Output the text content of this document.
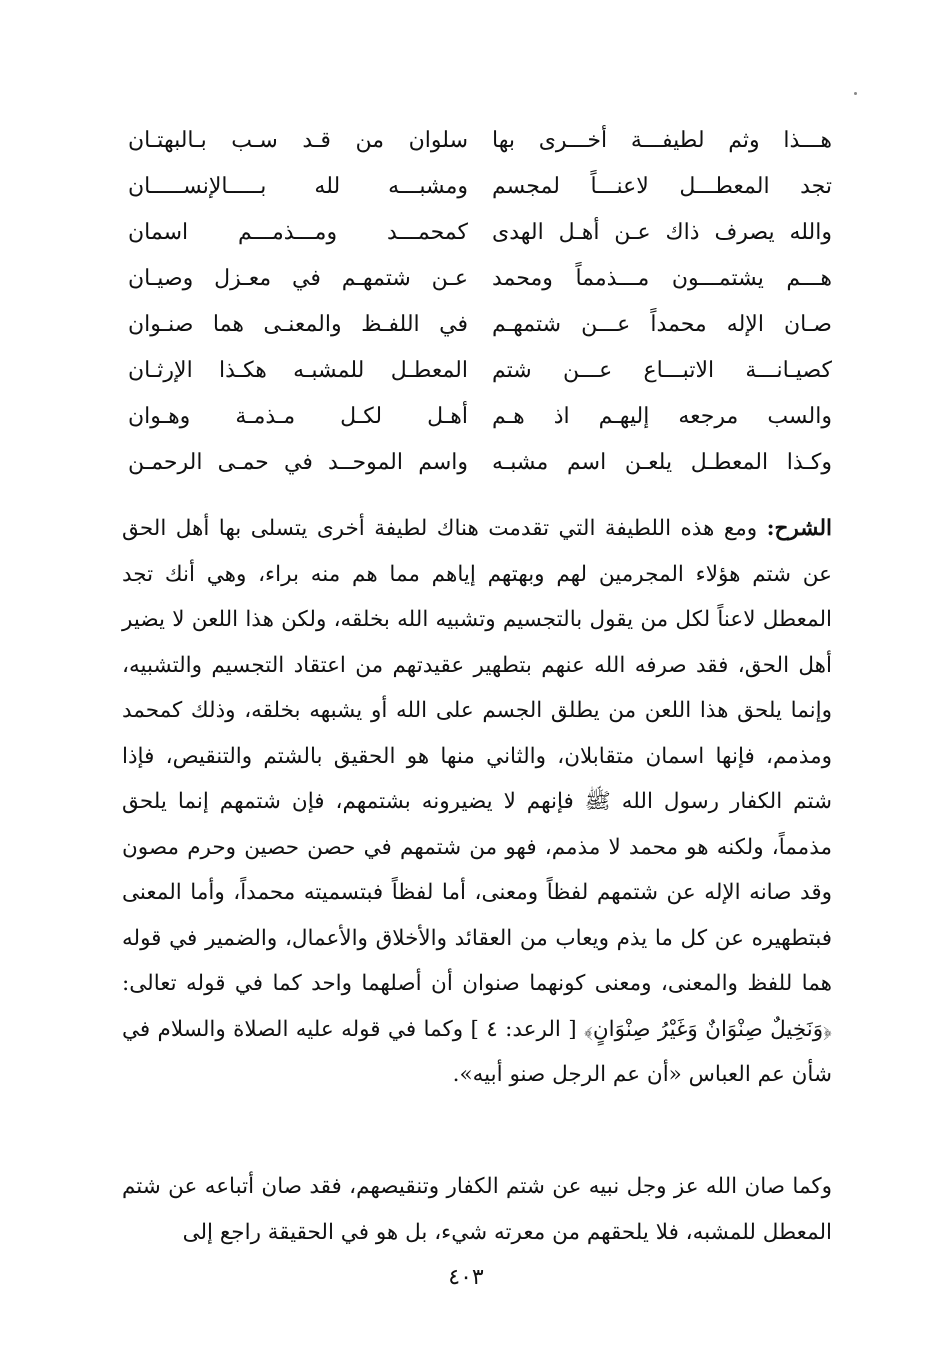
هـــذا وثم لطيفـــة أخـــرى بها
سلوان من قـد سـب بـالبهتـان
تجد المعطـــل لاعنـــاً لمجسم
ومشبـــه لله بـــــالإنســـــان
والله يصرف ذاك عـن أهـل الهدى
كمحمـــد ومـــذمـــم اسمان
هـــم يشتمـــون مـــذمماً ومحمد
عـن شتمهـم في معـزل وصيـان
صـان الإله محمداً عـــن شتمهـم
في اللفـظ والمعنـى هما صنـوان
كصيـانـــة الاتبـــاع عـــن شتم
المعطـل للمشبـه هكـذا الإرثـان
والسب مرجعه إليهـم اذ هـم
أهـل لكـل مـذمـة وهـوان
وكـذا المعطـل يلعـن اسم مشبـه
واسم الموحــد في حمـى الرحمـن
الشرح: ومع هذه اللطيفة التي تقدمت هناك لطيفة أخرى يتسلى بها أهل الحق عن شتم هؤلاء المجرمين لهم وبهتهم إياهم مما هم منه براء، وهي أنك تجد المعطل لاعناً لكل من يقول بالتجسيم وتشبيه الله بخلقه، ولكن هذا اللعن لا يضير أهل الحق، فقد صرفه الله عنهم بتطهير عقيدتهم من اعتقاد التجسيم والتشبيه، وإنما يلحق هذا اللعن من يطلق الجسم على الله أو يشبهه بخلقه، وذلك كمحمد ومذمم، فإنها اسمان متقابلان، والثاني منها هو الحقيق بالشتم والتنقيص، فإذا شتم الكفار رسول الله ﷺ فإنهم لا يضيرونه بشتمهم، فإن شتمهم إنما يلحق مذمماً، ولكنه هو محمد لا مذمم، فهو من شتمهم في حصن حصين وحرم مصون وقد صانه الإله عن شتمهم لفظاً ومعنى، أما لفظاً فبتسميته محمداً، وأما المعنى فبتطهيره عن كل ما يذم ويعاب من العقائد والأخلاق والأعمال، والضمير في قوله هما للفظ والمعنى، ومعنى كونهما صنوان أن أصلهما واحد كما في قوله تعالى: ﴿وَنَخِيلٌ صِنْوَانٌ وَغَيْرُ صِنْوَانٍ﴾ [ الرعد: ٤ ] وكما في قوله عليه الصلاة والسلام في شأن عم العباس «أن عم الرجل صنو أبيه».
وكما صان الله عز وجل نبيه عن شتم الكفار وتنقيصهم، فقد صان أتباعه عن شتم المعطل للمشبه، فلا يلحقهم من معرته شيء، بل هو في الحقيقة راجع إلى
٤٠٣
